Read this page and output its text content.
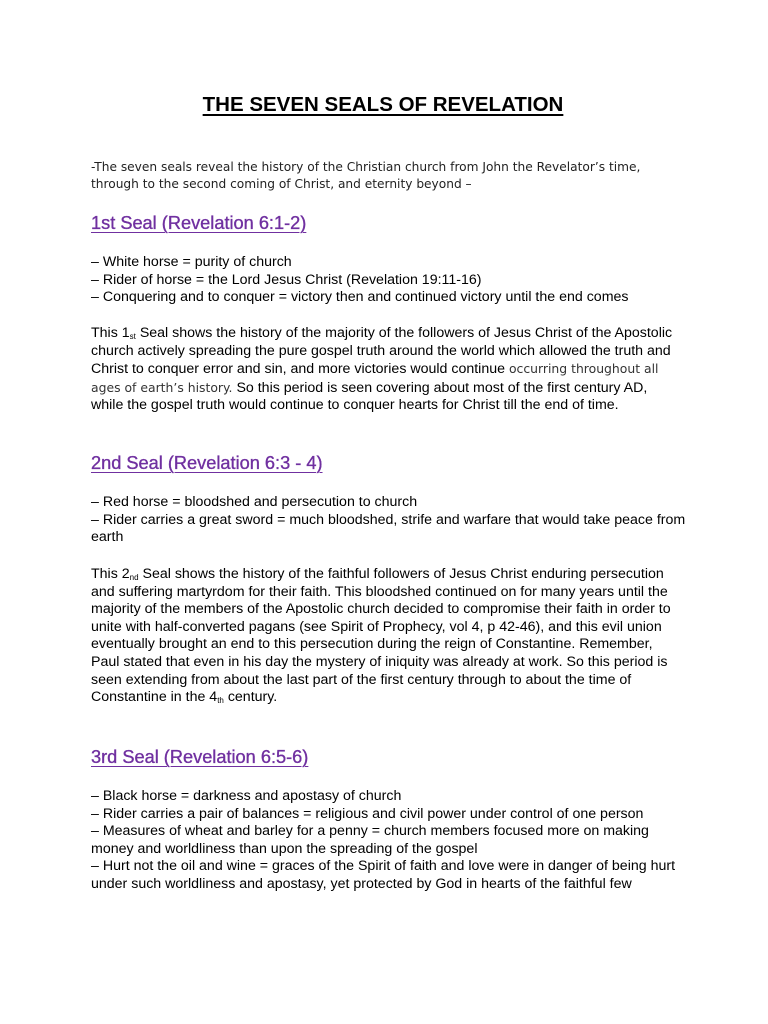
THE SEVEN SEALS OF REVELATION

-The seven seals reveal the history of the Christian church from John the Revelator’s time,
through to the second coming of Christ, and eternity beyond –

1st Seal (Revelation 6:1-2)
– White horse = purity of church
– Rider of horse = the Lord Jesus Christ (Revelation 19:11-16)
– Conquering and to conquer = victory then and continued victory until the end comes

This $1_{st}$ Seal shows the history of the majority of the followers of Jesus Christ of the Apostolic church actively spreading the pure gospel truth around the world which allowed the truth and Christ to conquer error and sin, and more victories would continue occurring throughout all ages of earth’s history. So this period is seen covering about most of the first century AD, while the gospel truth would continue to conquer hearts for Christ till the end of time.

2nd Seal (Revelation 6:3 - 4)
– Red horse = bloodshed and persecution to church
– Rider carries a great sword = much bloodshed, strife and warfare that would take peace from earth

This $2_{nd}$ Seal shows the history of the faithful followers of Jesus Christ enduring persecution and suffering martyrdom for their faith. This bloodshed continued on for many years until the majority of the members of the Apostolic church decided to compromise their faith in order to unite with half-converted pagans (see Spirit of Prophecy, vol 4, p 42-46), and this evil union eventually brought an end to this persecution during the reign of Constantine. Remember, Paul stated that even in his day the mystery of iniquity was already at work. So this period is seen extending from about the last part of the first century through to about the time of Constantine in the $4_{th}$ century.

3rd Seal (Revelation 6:5-6)
– Black horse = darkness and apostasy of church
– Rider carries a pair of balances = religious and civil power under control of one person
– Measures of wheat and barley for a penny = church members focused more on making money and worldliness than upon the spreading of the gospel
– Hurt not the oil and wine = graces of the Spirit of faith and love were in danger of being hurt under such worldliness and apostasy, yet protected by God in hearts of the faithful few
